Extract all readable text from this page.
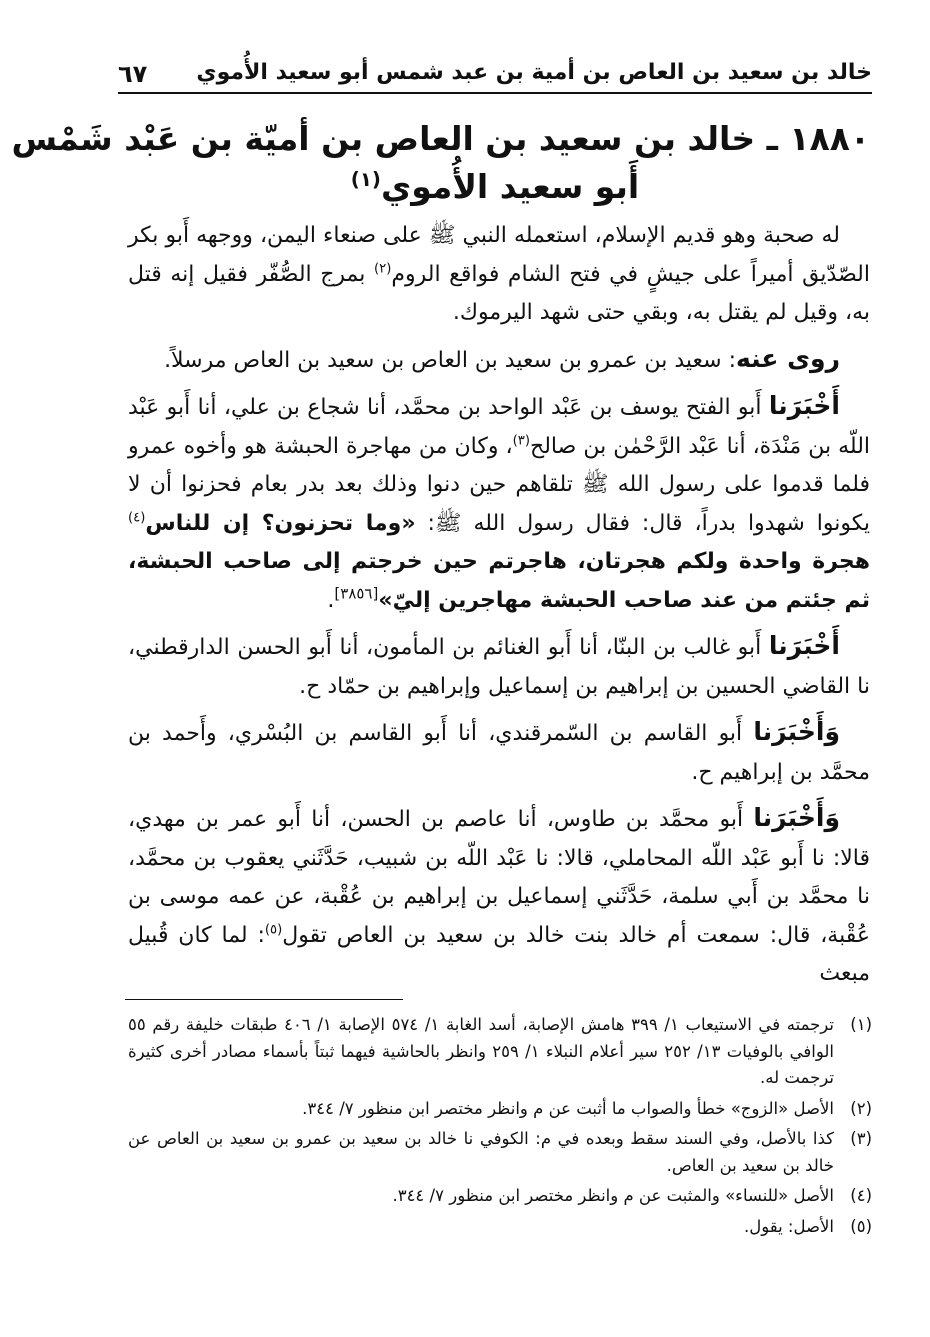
خالد بن سعيد بن العاص بن أمية بن عبد شمس أبو سعيد الأُموي
٦٧
١٨٨٠ ـ خالد بن سعيد بن العاص بن أميّة بن عَبْد شَمْس
أَبو سعيد الأُموي$^{(١)}$

له صحبة وهو قديم الإسلام، استعمله النبي ﷺ على صنعاء اليمن، ووجهه أَبو بكر الصّدّيق أميراً على جيشٍ في فتح الشام فواقع الروم$^{(٢)}$ بمرج الصُّفّر فقيل إنه قتل به، وقيل لم يقتل به، وبقي حتى شهد اليرموك.

روى عنه: سعيد بن عمرو بن سعيد بن العاص بن سعيد بن العاص مرسلاً.

أَخْبَرَنا أَبو الفتح يوسف بن عَبْد الواحد بن محمَّد، أنا شجاع بن علي، أنا أَبو عَبْد اللّه بن مَنْدَة، أنا عَبْد الرَّحْمٰن بن صالح$^{(٣)}$، وكان من مهاجرة الحبشة هو وأخوه عمرو فلما قدموا على رسول الله ﷺ تلقاهم حين دنوا وذلك بعد بدر بعام فحزنوا أن لا يكونوا شهدوا بدراً، قال: فقال رسول الله ﷺ: «وما تحزنون؟ إن للناس$^{(٤)}$ هجرة واحدة ولكم هجرتان، هاجرتم حين خرجتم إلى صاحب الحبشة، ثم جئتم من عند صاحب الحبشة مهاجرين إليّ»[٣٨٥٦].

أَخْبَرَنا أَبو غالب بن البنّا، أنا أَبو الغنائم بن المأمون، أنا أَبو الحسن الدارقطني، نا القاضي الحسين بن إبراهيم بن إسماعيل وإبراهيم بن حمّاد ح.

وَأَخْبَرَنا أَبو القاسم بن السّمرقندي، أنا أَبو القاسم بن البُسْري، وأَحمد بن محمَّد بن إبراهيم ح.

وَأَخْبَرَنا أَبو محمَّد بن طاوس، أنا عاصم بن الحسن، أنا أَبو عمر بن مهدي، قالا: نا أَبو عَبْد اللّه المحاملي، قالا: نا عَبْد اللّه بن شبيب، حَدَّثَني يعقوب بن محمَّد، نا محمَّد بن أَبي سلمة، حَدَّثَني إسماعيل بن إبراهيم بن عُقْبة، عن عمه موسى بن عُقْبة، قال: سمعت أم خالد بنت خالد بن سعيد بن العاص تقول$^{(٥)}$: لما كان قُبيل مبعث

(١)
ترجمته في الاستيعاب ١/ ٣٩٩ هامش الإصابة، أسد الغابة ١/ ٥٧٤ الإصابة ١/ ٤٠٦ طبقات خليفة رقم ٥٥ الوافي بالوفيات ١٣/ ٢٥٢ سير أعلام النبلاء ١/ ٢٥٩ وانظر بالحاشية فيهما ثبتاً بأسماء مصادر أخرى كثيرة ترجمت له.
(٢)
الأصل «الزوج» خطأ والصواب ما أثبت عن م وانظر مختصر ابن منظور ٧/ ٣٤٤.
(٣)
كذا بالأصل، وفي السند سقط وبعده في م: الكوفي نا خالد بن سعيد بن عمرو بن سعيد بن العاص عن خالد بن سعيد بن العاص.
(٤)
الأصل «للنساء» والمثبت عن م وانظر مختصر ابن منظور ٧/ ٣٤٤.
(٥)
الأصل: يقول.
